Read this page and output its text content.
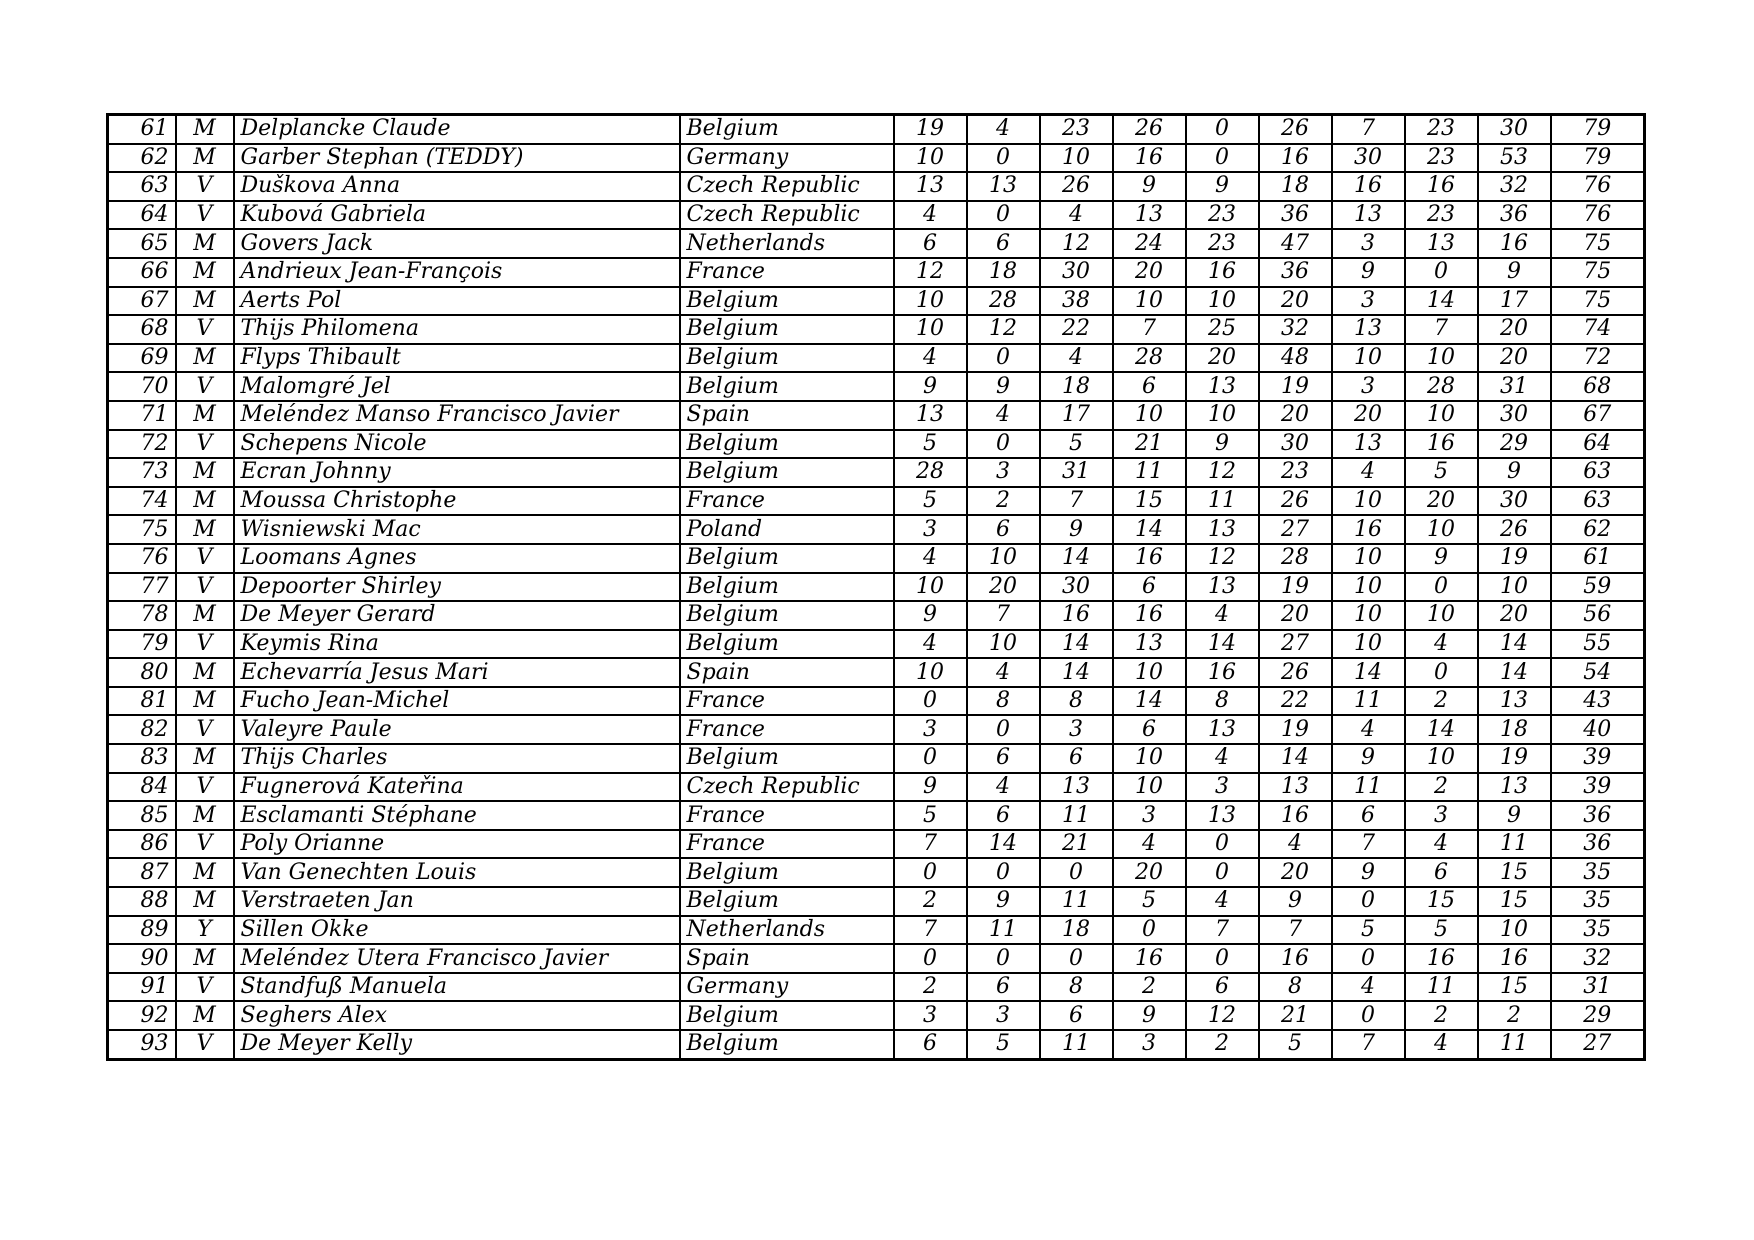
61	M	Delplancke Claude	Belgium	19	4	23	26	0	26	7	23	30	79
62	M	Garber Stephan (TEDDY)	Germany	10	0	10	16	0	16	30	23	53	79
63	V	Duškova Anna	Czech Republic	13	13	26	9	9	18	16	16	32	76
64	V	Kubová Gabriela	Czech Republic	4	0	4	13	23	36	13	23	36	76
65	M	Govers Jack	Netherlands	6	6	12	24	23	47	3	13	16	75
66	M	Andrieux Jean-François	France	12	18	30	20	16	36	9	0	9	75
67	M	Aerts Pol	Belgium	10	28	38	10	10	20	3	14	17	75
68	V	Thijs Philomena	Belgium	10	12	22	7	25	32	13	7	20	74
69	M	Flyps Thibault	Belgium	4	0	4	28	20	48	10	10	20	72
70	V	Malomgré Jel	Belgium	9	9	18	6	13	19	3	28	31	68
71	M	Meléndez Manso Francisco Javier	Spain	13	4	17	10	10	20	20	10	30	67
72	V	Schepens Nicole	Belgium	5	0	5	21	9	30	13	16	29	64
73	M	Ecran Johnny	Belgium	28	3	31	11	12	23	4	5	9	63
74	M	Moussa Christophe	France	5	2	7	15	11	26	10	20	30	63
75	M	Wisniewski Mac	Poland	3	6	9	14	13	27	16	10	26	62
76	V	Loomans Agnes	Belgium	4	10	14	16	12	28	10	9	19	61
77	V	Depoorter Shirley	Belgium	10	20	30	6	13	19	10	0	10	59
78	M	De Meyer Gerard	Belgium	9	7	16	16	4	20	10	10	20	56
79	V	Keymis Rina	Belgium	4	10	14	13	14	27	10	4	14	55
80	M	Echevarría Jesus Mari	Spain	10	4	14	10	16	26	14	0	14	54
81	M	Fucho Jean-Michel	France	0	8	8	14	8	22	11	2	13	43
82	V	Valeyre Paule	France	3	0	3	6	13	19	4	14	18	40
83	M	Thijs Charles	Belgium	0	6	6	10	4	14	9	10	19	39
84	V	Fugnerová Kateřina	Czech Republic	9	4	13	10	3	13	11	2	13	39
85	M	Esclamanti Stéphane	France	5	6	11	3	13	16	6	3	9	36
86	V	Poly Orianne	France	7	14	21	4	0	4	7	4	11	36
87	M	Van Genechten Louis	Belgium	0	0	0	20	0	20	9	6	15	35
88	M	Verstraeten Jan	Belgium	2	9	11	5	4	9	0	15	15	35
89	Y	Sillen Okke	Netherlands	7	11	18	0	7	7	5	5	10	35
90	M	Meléndez Utera Francisco Javier	Spain	0	0	0	16	0	16	0	16	16	32
91	V	Standfuß Manuela	Germany	2	6	8	2	6	8	4	11	15	31
92	M	Seghers Alex	Belgium	3	3	6	9	12	21	0	2	2	29
93	V	De Meyer Kelly	Belgium	6	5	11	3	2	5	7	4	11	27
